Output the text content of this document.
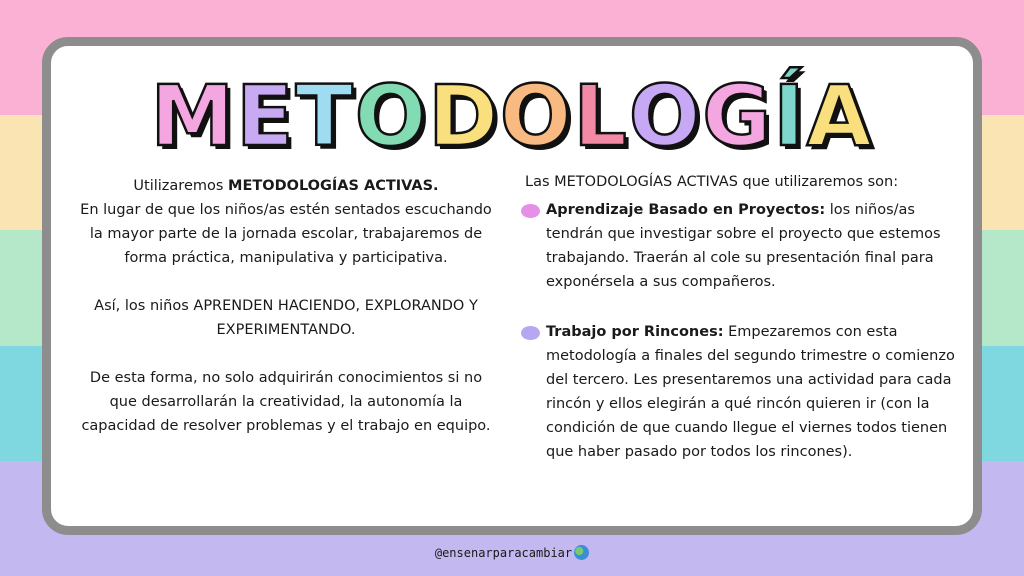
METODOLOGÍA

Utilizaremos METODOLOGÍAS ACTIVAS.
En lugar de que los niños/as estén sentados escuchando la mayor parte de la jornada escolar, trabajaremos de forma práctica, manipulativa y participativa.

Así, los niños APRENDEN HACIENDO, EXPLORANDO Y EXPERIMENTANDO.

De esta forma, no solo adquirirán conocimientos si no que desarrollarán la creatividad, la autonomía la capacidad de resolver problemas y el trabajo en equipo.

Las METODOLOGÍAS ACTIVAS que utilizaremos son:
Aprendizaje Basado en Proyectos: los niños/as tendrán que investigar sobre el proyecto que estemos trabajando. Traerán al cole su presentación final para exponérsela a sus compañeros.
Trabajo por Rincones: Empezaremos con esta metodología a finales del segundo trimestre o comienzo del tercero. Les presentaremos una actividad para cada rincón y ellos elegirán a qué rincón quieren ir (con la condición de que cuando llegue el viernes todos tienen que haber pasado por todos los rincones).
@ensenarparacambiar
